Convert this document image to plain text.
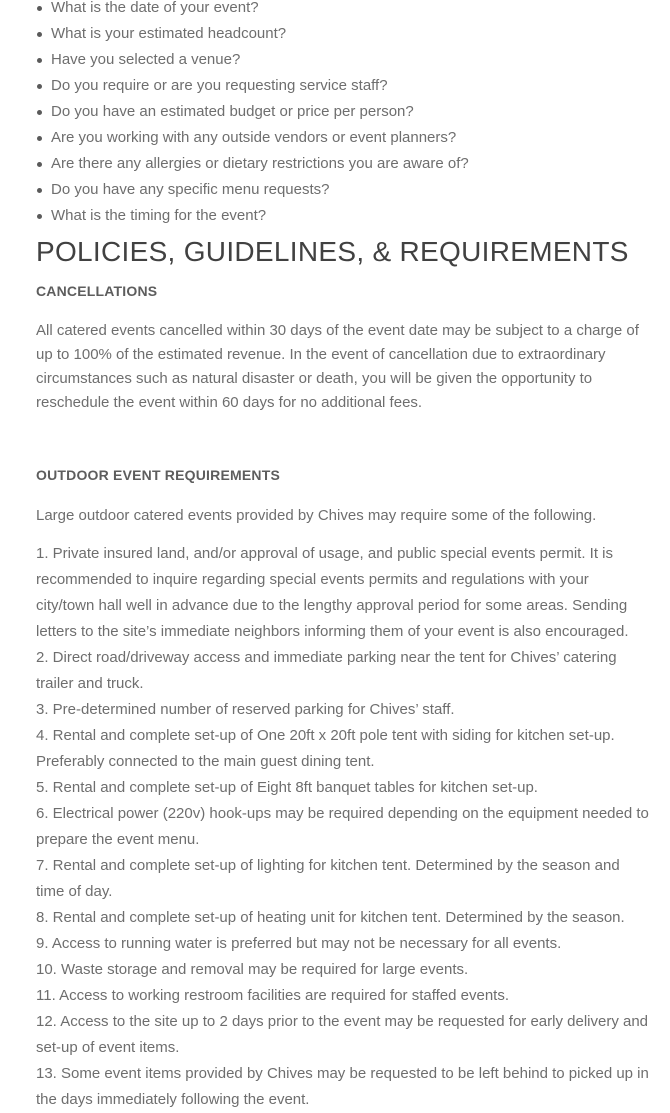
What is the date of your event?
What is your estimated headcount?
Have you selected a venue?
Do you require or are you requesting service staff?
Do you have an estimated budget or price per person?
Are you working with any outside vendors or event planners?
Are there any allergies or dietary restrictions you are aware of?
Do you have any specific menu requests?
What is the timing for the event?
POLICIES, GUIDELINES, & REQUIREMENTS
CANCELLATIONS

All catered events cancelled within 30 days of the event date may be subject to a charge of up to 100% of the estimated revenue. In the event of cancellation due to extraordinary circumstances such as natural disaster or death, you will be given the opportunity to reschedule the event within 60 days for no additional fees.

OUTDOOR EVENT REQUIREMENTS

Large outdoor catered events provided by Chives may require some of the following.

1. Private insured land, and/or approval of usage, and public special events permit. It is recommended to inquire regarding special events permits and regulations with your city/town hall well in advance due to the lengthy approval period for some areas. Sending letters to the site’s immediate neighbors informing them of your event is also encouraged.
2. Direct road/driveway access and immediate parking near the tent for Chives’ catering trailer and truck.
3. Pre-determined number of reserved parking for Chives’ staff.
4. Rental and complete set-up of One 20ft x 20ft pole tent with siding for kitchen set-up. Preferably connected to the main guest dining tent.
5. Rental and complete set-up of Eight 8ft banquet tables for kitchen set-up.
6. Electrical power (220v) hook-ups may be required depending on the equipment needed to prepare the event menu.
7. Rental and complete set-up of lighting for kitchen tent. Determined by the season and time of day.
8. Rental and complete set-up of heating unit for kitchen tent. Determined by the season.
9. Access to running water is preferred but may not be necessary for all events.
10. Waste storage and removal may be required for large events.
11. Access to working restroom facilities are required for staffed events.
12. Access to the site up to 2 days prior to the event may be requested for early delivery and set-up of event items.
13. Some event items provided by Chives may be requested to be left behind to picked up in the days immediately following the event.
